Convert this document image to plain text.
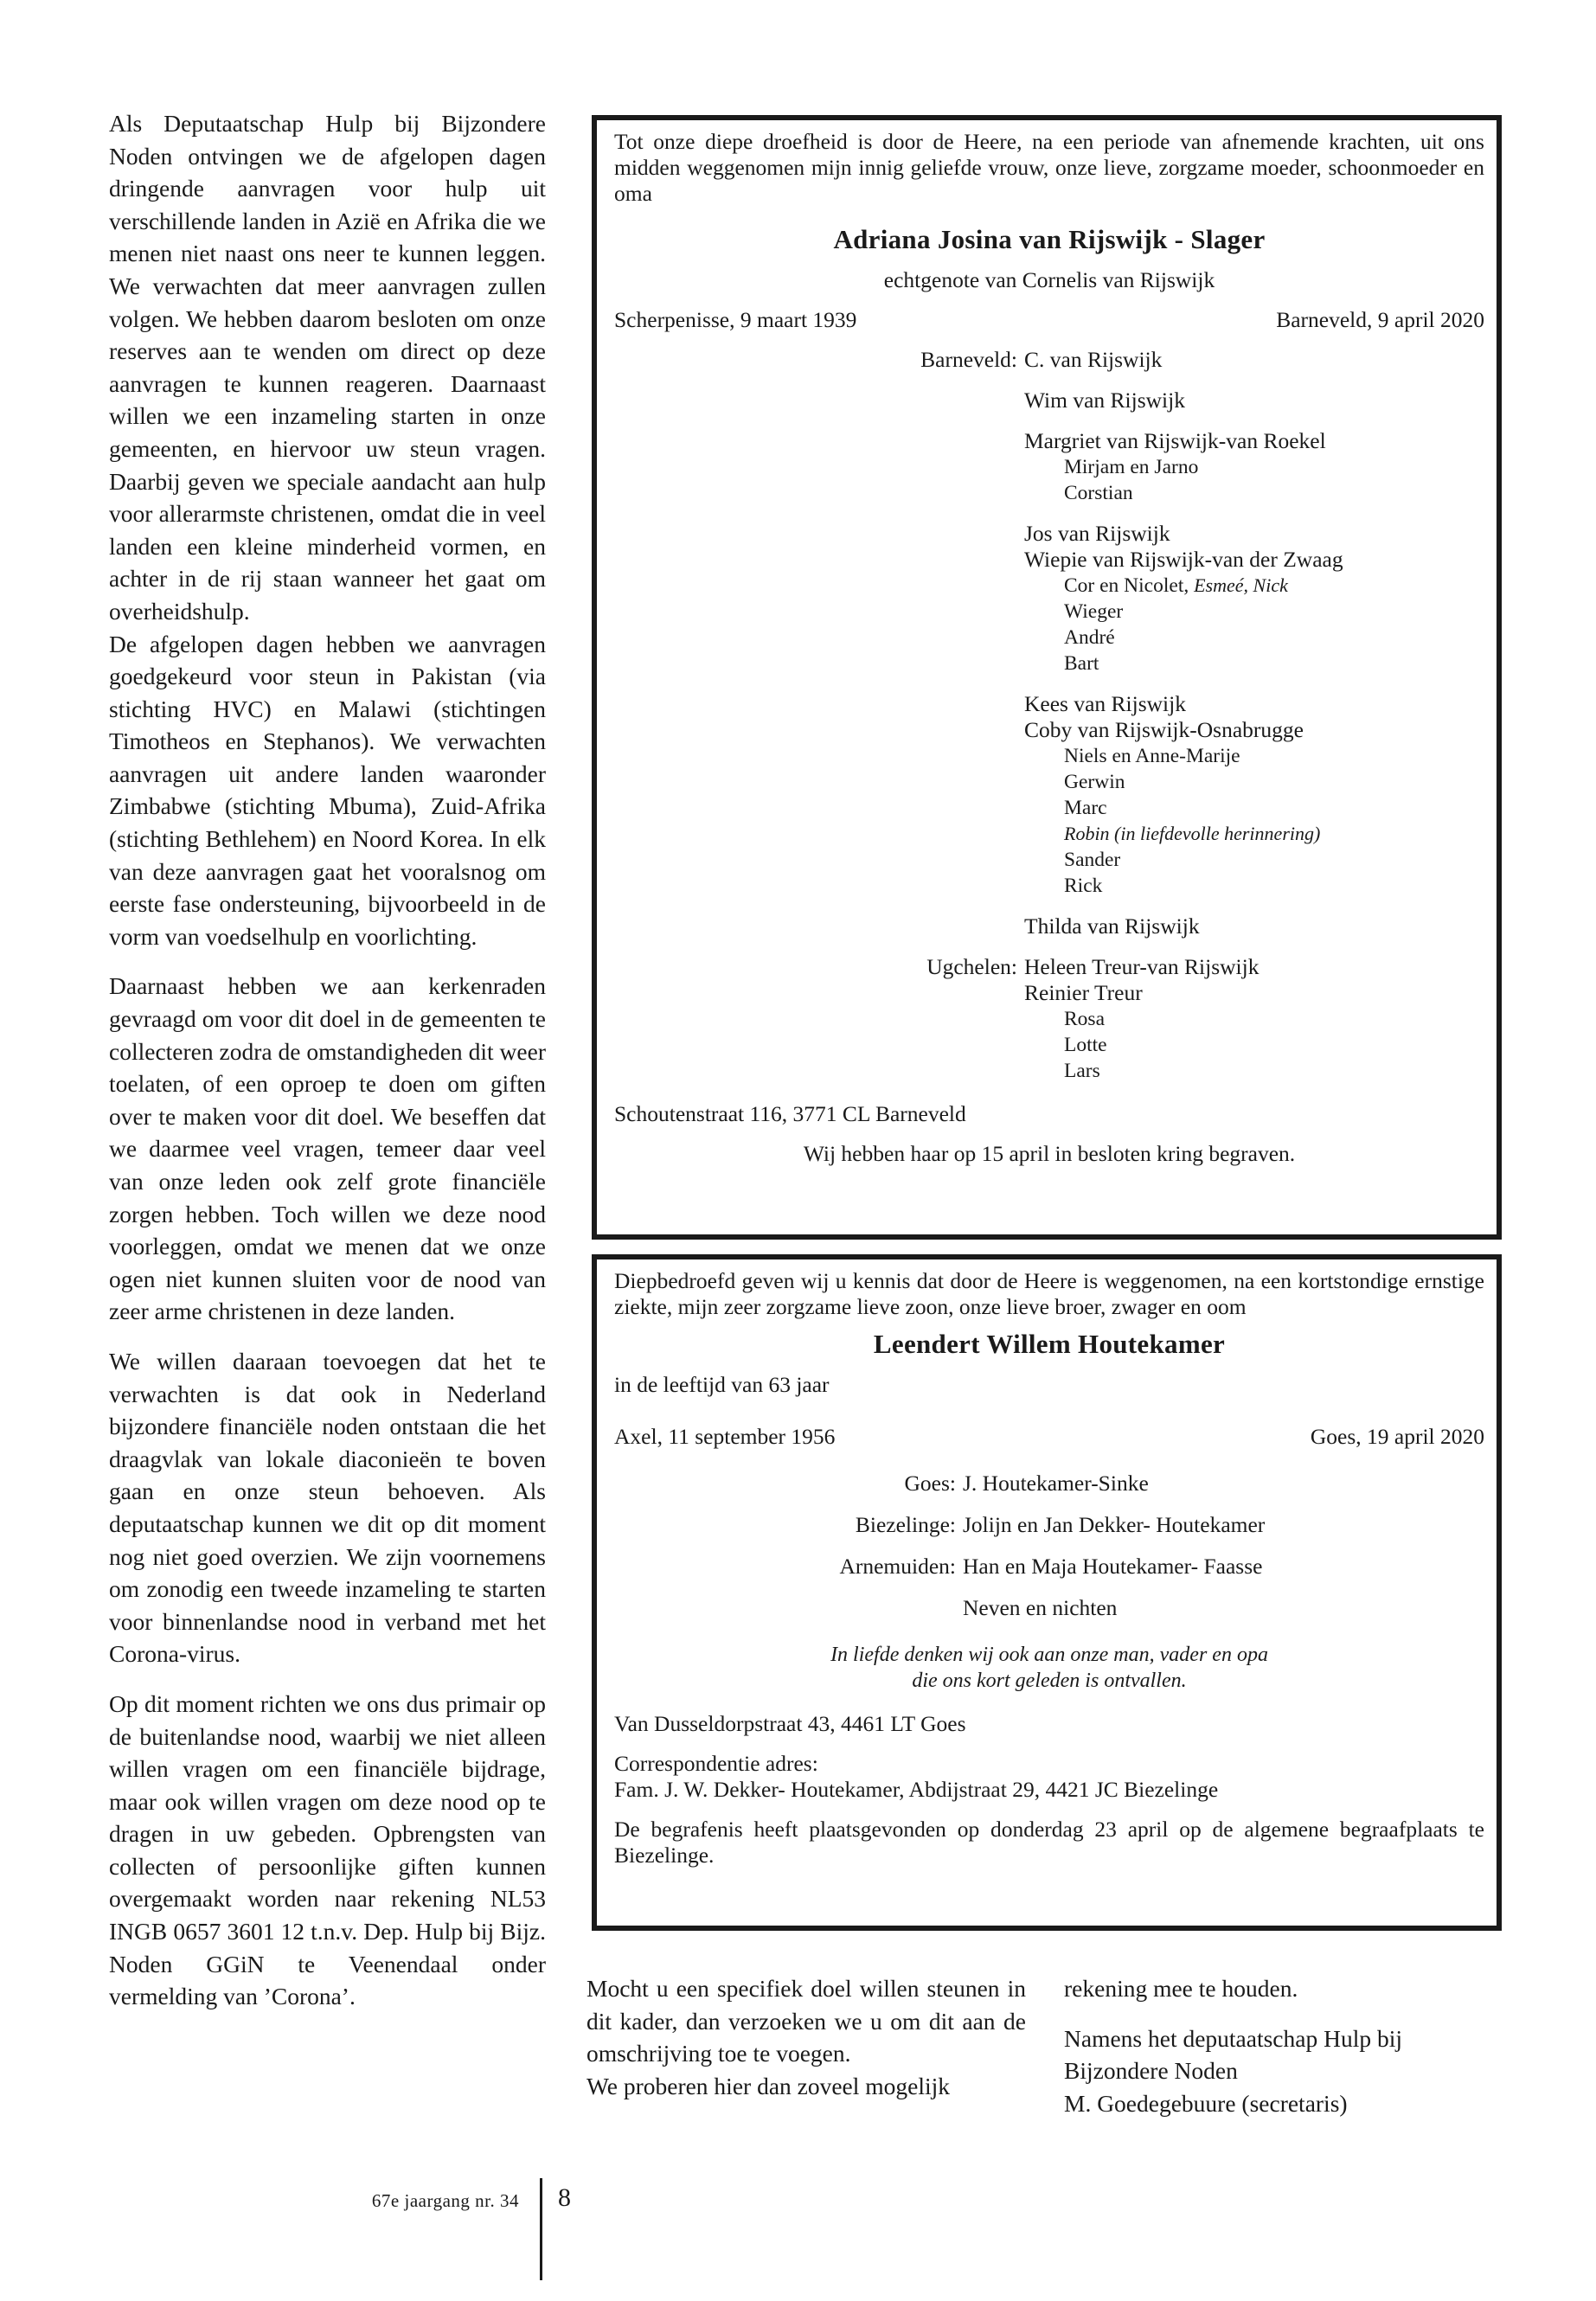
Als Deputaatschap Hulp bij Bijzondere Noden ontvingen we de afgelopen dagen dringende aanvragen voor hulp uit verschillende landen in Azië en Afrika die we menen niet naast ons neer te kunnen leggen. We verwachten dat meer aanvragen zullen volgen. We hebben daarom besloten om onze reserves aan te wenden om direct op deze aanvragen te kunnen reageren. Daarnaast willen we een inzameling starten in onze gemeenten, en hiervoor uw steun vragen. Daarbij geven we speciale aandacht aan hulp voor allerarmste christenen, omdat die in veel landen een kleine minderheid vormen, en achter in de rij staan wanneer het gaat om overheidshulp.

De afgelopen dagen hebben we aanvragen goedgekeurd voor steun in Pakistan (via stichting HVC) en Malawi (stichtingen Timotheos en Stephanos). We verwachten aanvragen uit andere landen waaronder Zimbabwe (stichting Mbuma), Zuid-Afrika (stichting Bethlehem) en Noord Korea. In elk van deze aanvragen gaat het vooralsnog om eerste fase ondersteuning, bijvoorbeeld in de vorm van voedselhulp en voorlichting.

Daarnaast hebben we aan kerkenraden gevraagd om voor dit doel in de gemeenten te collecteren zodra de omstandigheden dit weer toelaten, of een oproep te doen om giften over te maken voor dit doel. We beseffen dat we daarmee veel vragen, temeer daar veel van onze leden ook zelf grote financiële zorgen hebben. Toch willen we deze nood voorleggen, omdat we menen dat we onze ogen niet kunnen sluiten voor de nood van zeer arme christenen in deze landen.

We willen daaraan toevoegen dat het te verwachten is dat ook in Nederland bijzondere financiële noden ontstaan die het draagvlak van lokale diaconieën te boven gaan en onze steun behoeven. Als deputaatschap kunnen we dit op dit moment nog niet goed overzien. We zijn voornemens om zonodig een tweede inzameling te starten voor binnenlandse nood in verband met het Corona-virus.

Op dit moment richten we ons dus primair op de buitenlandse nood, waarbij we niet alleen willen vragen om een financiële bijdrage, maar ook willen vragen om deze nood op te dragen in uw gebeden. Opbrengsten van collecten of persoonlijke giften kunnen overgemaakt worden naar rekening NL53 INGB 0657 3601 12 t.n.v. Dep. Hulp bij Bijz. Noden GGiN te Veenendaal onder vermelding van ’Corona’.

Tot onze diepe droefheid is door de Heere, na een periode van afnemende krachten, uit ons midden weggenomen mijn innig geliefde vrouw, onze lieve, zorgzame moeder, schoonmoeder en oma

Adriana Josina van Rijswijk - Slager
echtgenote van Cornelis van Rijswijk
Scherpenisse, 9 maart 1939	Barneveld, 9 april 2020
Barneveld: C. van Rijswijk
Wim van Rijswijk
Margriet van Rijswijk-van Roekel
Mirjam en Jarno
Corstian
Jos van Rijswijk
Wiepie van Rijswijk-van der Zwaag
Cor en Nicolet, Esmeé, Nick
Wieger
André
Bart
Kees van Rijswijk
Coby van Rijswijk-Osnabrugge
Niels en Anne-Marije
Gerwin
Marc
Robin (in liefdevolle herinnering)
Sander
Rick
Thilda van Rijswijk
Ugchelen: Heleen Treur-van Rijswijk
Reinier Treur
Rosa
Lotte
Lars
Schoutenstraat 116, 3771 CL Barneveld
Wij hebben haar op 15 april in besloten kring begraven.

Diepbedroefd geven wij u kennis dat door de Heere is weggenomen, na een kortstondige ernstige ziekte, mijn zeer zorgzame lieve zoon, onze lieve broer, zwager en oom

Leendert Willem Houtekamer
in de leeftijd van 63 jaar
Axel, 11 september 1956	Goes, 19 april 2020
Goes: J. Houtekamer-Sinke
Biezelinge: Jolijn en Jan Dekker- Houtekamer
Arnemuiden: Han en Maja Houtekamer- Faasse
Neven en nichten
In liefde denken wij ook aan onze man, vader en opa
die ons kort geleden is ontvallen.
Van Dusseldorpstraat 43, 4461 LT Goes
Correspondentie adres:
Fam. J. W. Dekker- Houtekamer, Abdijstraat 29, 4421 JC Biezelinge

De begrafenis heeft plaatsgevonden op donderdag 23 april op de algemene begraafplaats te Biezelinge.

Mocht u een specifiek doel willen steunen in dit kader, dan verzoeken we u om dit aan de omschrijving toe te voegen.

We proberen hier dan zoveel mogelijk

rekening mee te houden.

Namens het deputaatschap Hulp bij

Bijzondere Noden

M. Goedegebuure (secretaris)

67e jaargang nr. 34 8
